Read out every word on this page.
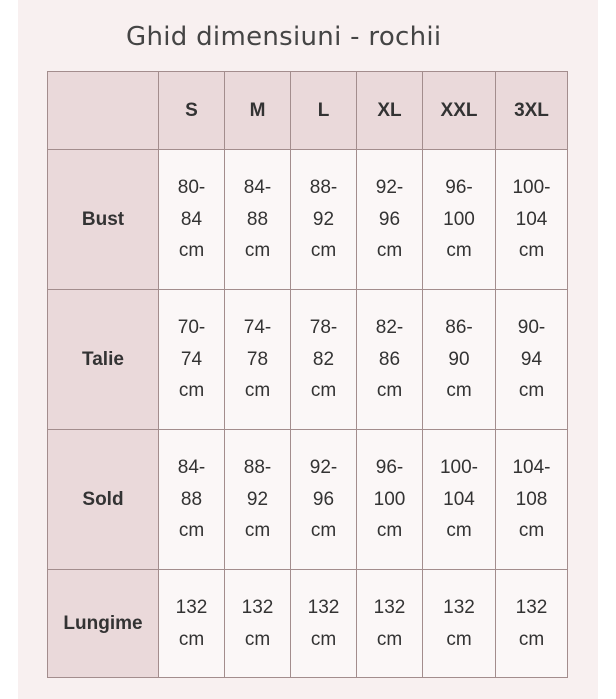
Ghid dimensiuni - rochii
	S	M	L	XL	XXL	3XL
Bust	80-
84
cm	84-
88
cm	88-
92
cm	92-
96
cm	96-
100
cm	100-
104
cm

Talie	70-
74
cm	74-
78
cm	78-
82
cm	82-
86
cm	86-
90
cm	90-
94
cm

Sold	84-
88
cm	88-
92
cm	92-
96
cm	96-
100
cm	100-
104
cm	104-
108
cm

Lungime	132
cm	132
cm	132
cm	132
cm	132
cm	132
cm
